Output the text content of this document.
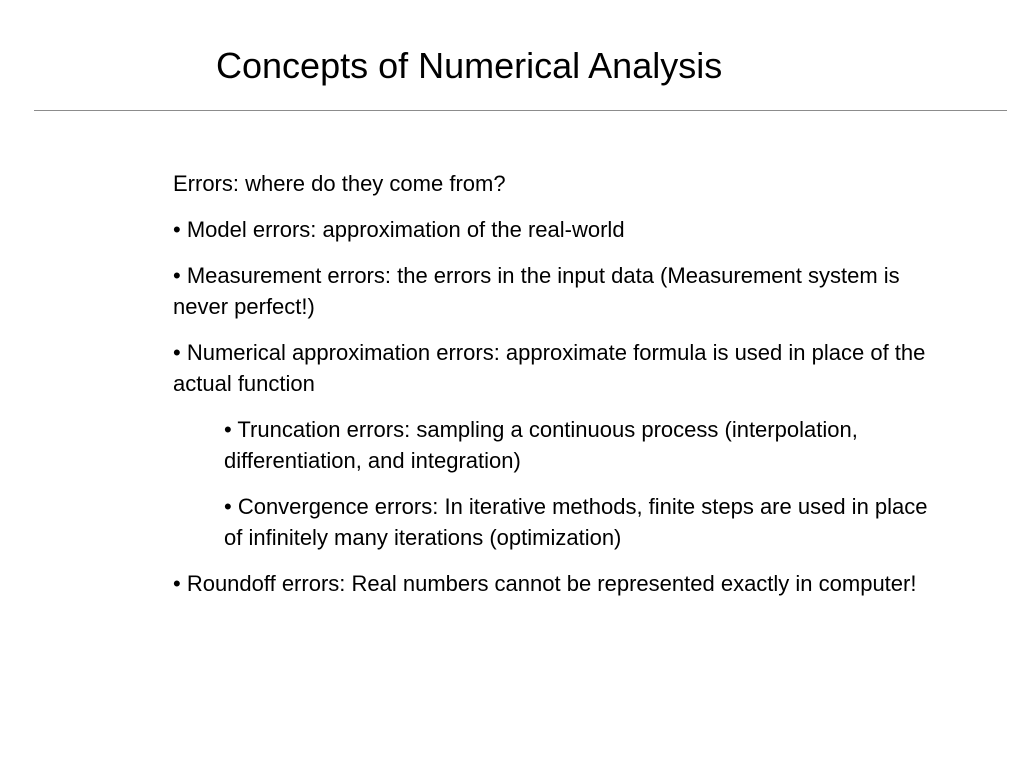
Concepts of Numerical Analysis

Errors: where do they come from?

• Model errors: approximation of the real-world

• Measurement errors: the errors in the input data (Measurement system is never perfect!)

• Numerical approximation errors: approximate formula is used in place of the actual function

• Truncation errors: sampling a continuous process (interpolation, differentiation, and integration)

• Convergence errors: In iterative methods, finite steps are used in place of infinitely many iterations (optimization)

• Roundoff errors: Real numbers cannot be represented exactly in computer!
